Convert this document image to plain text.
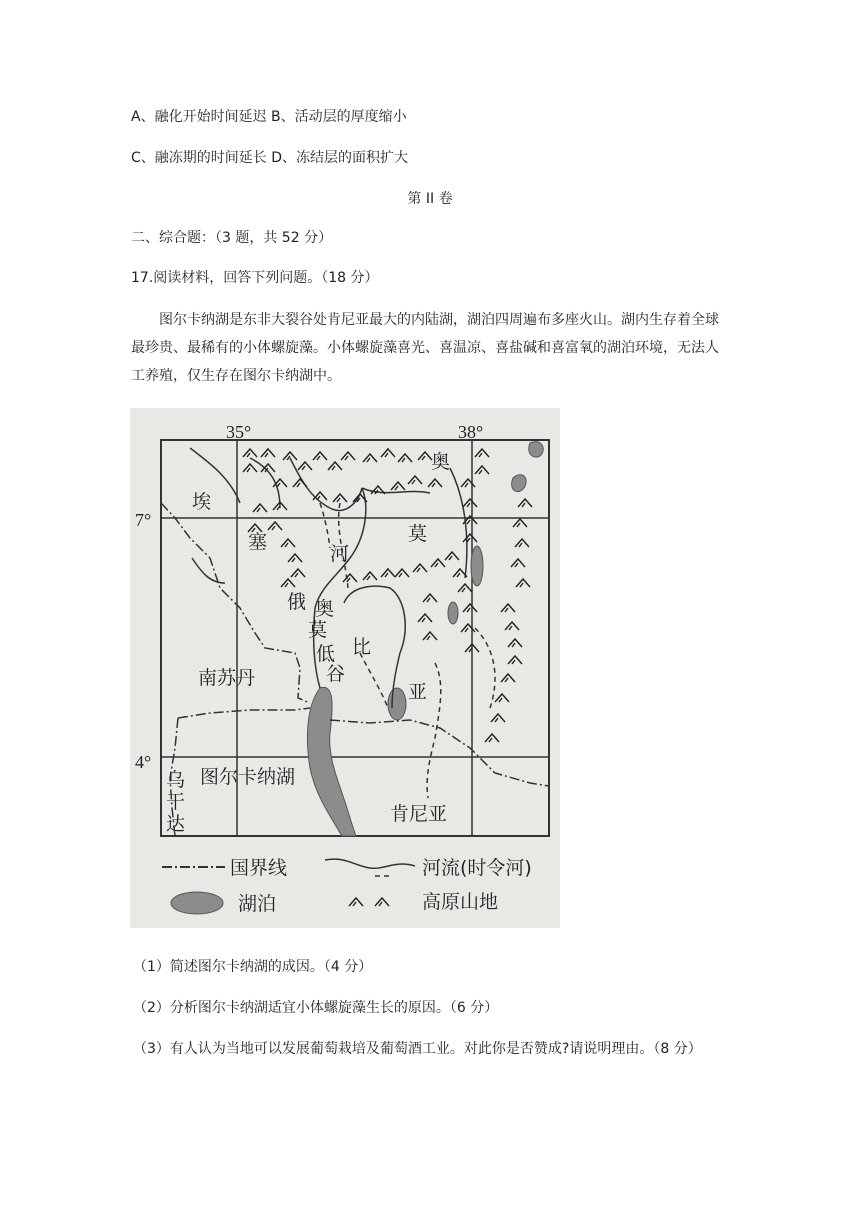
A、融化开始时间延迟 B、活动层的厚度缩小
C、融冻期的时间延长 D、冻结层的面积扩大
第 II 卷
二、综合题：（3 题，共 52 分）
17.阅读材料，回答下列问题。（18 分）
图尔卡纳湖是东非大裂谷处肯尼亚最大的内陆湖，湖泊四周遍布多座火山。湖内生存着全球最珍贵、最稀有的小体螺旋藻。小体螺旋藻喜光、喜温凉、喜盐碱和喜富氧的湖泊环境，无法人工养殖，仅生存在图尔卡纳湖中。
35°	38°
7°
4°
埃
塞
俄
比
亚
奥
莫
河
奥
莫
低
谷
南苏丹
图尔卡纳湖
乌
干
达	肯尼亚
国界线	河流(时令河)
湖泊	高原山地
（1）简述图尔卡纳湖的成因。（4 分）
（2）分析图尔卡纳湖适宜小体螺旋藻生长的原因。（6 分）
（3）有人认为当地可以发展葡萄栽培及葡萄酒工业。对此你是否赞成?请说明理由。（8 分）
